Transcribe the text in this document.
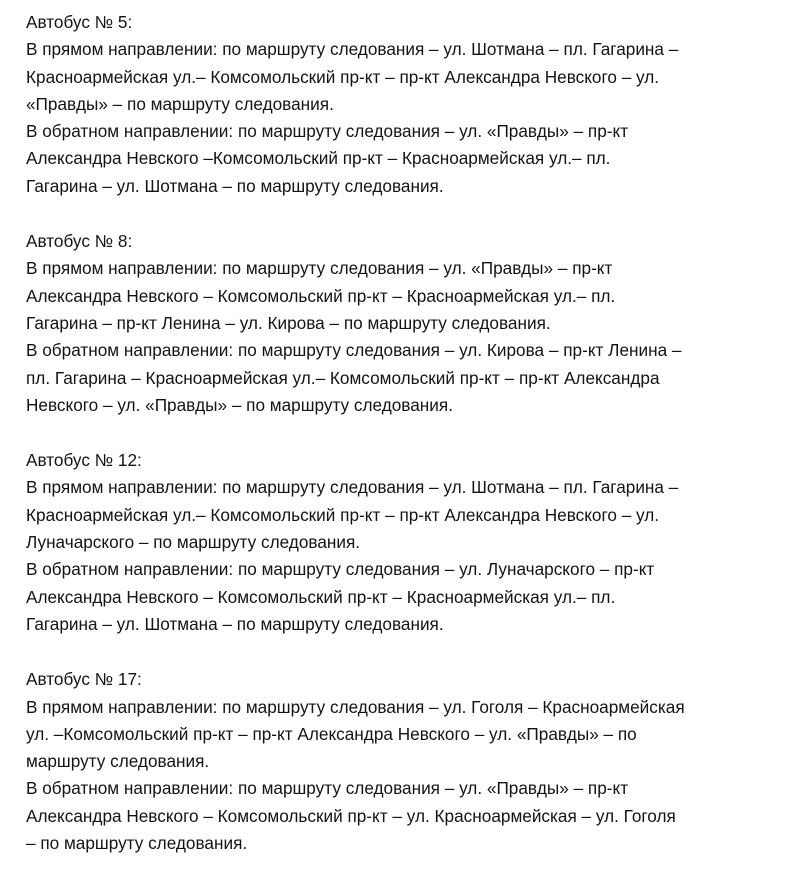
Автобус № 5:
В прямом направлении: по маршруту следования – ул. Шотмана – пл. Гагарина –
Красноармейская ул.– Комсомольский пр-кт – пр-кт Александра Невского – ул.
«Правды» – по маршруту следования.
В обратном направлении: по маршруту следования – ул. «Правды» – пр-кт
Александра Невского –Комсомольский пр-кт – Красноармейская ул.– пл.
Гагарина – ул. Шотмана – по маршруту следования.
Автобус № 8:
В прямом направлении: по маршруту следования – ул. «Правды» – пр-кт
Александра Невского – Комсомольский пр-кт – Красноармейская ул.– пл.
Гагарина – пр-кт Ленина – ул. Кирова – по маршруту следования.
В обратном направлении: по маршруту следования – ул. Кирова – пр-кт Ленина –
пл. Гагарина – Красноармейская ул.– Комсомольский пр-кт – пр-кт Александра
Невского – ул. «Правды» – по маршруту следования.
Автобус № 12:
В прямом направлении: по маршруту следования – ул. Шотмана – пл. Гагарина –
Красноармейская ул.– Комсомольский пр-кт – пр-кт Александра Невского – ул.
Луначарского – по маршруту следования.
В обратном направлении: по маршруту следования – ул. Луначарского – пр-кт
Александра Невского – Комсомольский пр-кт – Красноармейская ул.– пл.
Гагарина – ул. Шотмана – по маршруту следования.
Автобус № 17:
В прямом направлении: по маршруту следования – ул. Гоголя – Красноармейская
ул. –Комсомольский пр-кт – пр-кт Александра Невского – ул. «Правды» – по
маршруту следования.
В обратном направлении: по маршруту следования – ул. «Правды» – пр-кт
Александра Невского – Комсомольский пр-кт – ул. Красноармейская – ул. Гоголя
– по маршруту следования.
